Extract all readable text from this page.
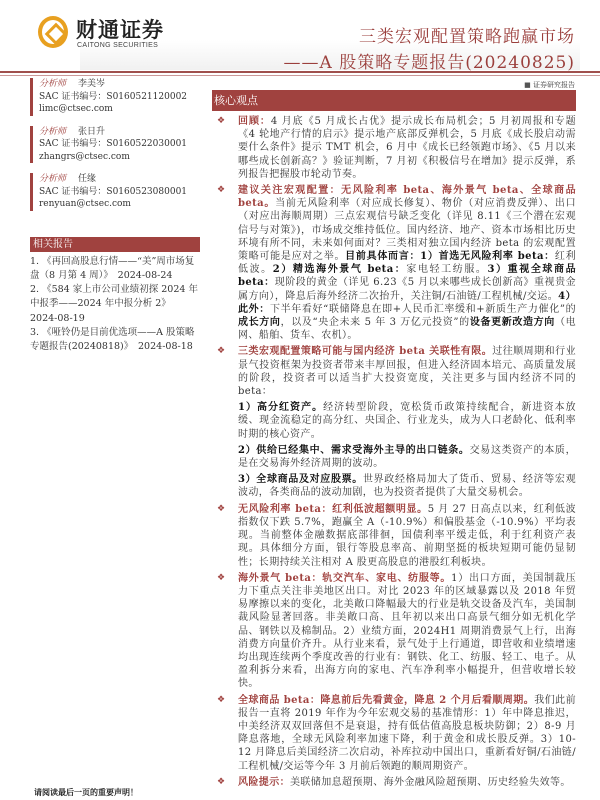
财通证券
CAITONG SECURITIES	三类宏观配置策略跑赢市场
——A 股策略专题报告(20240825)
■ 证券研究报告
分析师 李美岑
SAC 证书编号：S0160521120002
limc@ctsec.com
分析师 张日升
SAC 证书编号：S0160522030001
zhangrs@ctsec.com
分析师 任缘
SAC 证书编号：S0160523080001
renyuan@ctsec.com
相关报告
1. 《再回高股息行情——“美”周市场复盘（8 月第 4 周）》　2024-08-24
2. 《584 家上市公司业绩初探 2024 年中报季——2024 年中报分析 2》 2024-08-19
3. 《哑铃仍是目前优选项——A 股策略专题报告(20240818)》　2024-08-18
核心观点
❖ 回顾：4 月底《5 月成长占优》提示成长布局机会；5 月初周报和专题《4 轮地产行情的启示》提示地产底部反弹机会，5 月底《成长股启动需要什么条件》提示 TMT 机会，6 月中《成长已经领跑市场》、《5 月以来哪些成长创新高？》验证判断，7 月初《积极信号在增加》提示反弹，系列报告把握股市轮动节奏。
❖ 建议关注宏观配置：无风险利率 beta、海外景气 beta、全球商品 beta。当前无风险利率（对应成长修复）、物价（对应消费反弹）、出口（对应出海顺周期）三点宏观信号缺乏变化（详见 8.11《三个潜在宏观信号与对策》)，市场成交维持低位。国内经济、地产、资本市场相比历史环境有所不同，未来如何面对？三类相对独立国内经济 beta 的宏观配置策略可能是应对之举。目前具体而言：1）首选无风险利率 beta：红利低波。2）精选海外景气 beta：家电轻工纺服。3）重视全球商品 beta：现阶段的黄金（详见 6.23《5 月以来哪些成长创新高》重视贵金属方向），降息后海外经济二次抬升，关注铜/石油链/工程机械/交运。4）此外：下半年看好“联储降息在即+人民币汇率缓和+新质生产力催化”的成长方向，以及“央企未来 5 年 3 万亿元投资”的设备更新改造方向（电网、船舶、货车、农机）。
❖ 三类宏观配置策略可能与国内经济 beta 关联性有限。过往顺周期和行业景气投资框架为投资者带来丰厚回报，但进入经济固本培元、高质量发展的阶段，投资者可以适当扩大投资宽度，关注更多与国内经济不同的 beta：
1）高分红资产。经济转型阶段，宽松货币政策持续配合，新进资本放缓、现金流稳定的高分红、央国企、行业龙头，成为人口老龄化、低利率时期的核心资产。
2）供给已经集中、需求受海外主导的出口链条。交易这类资产的本质，是在交易海外经济周期的波动。
3）全球商品及对应股票。世界政经格局加大了货币、贸易、经济等宏观波动，各类商品的波动加剧，也为投资者提供了大量交易机会。
❖ 无风险利率 beta：红利低波超额明显。5 月 27 日高点以来，红利低波指数仅下跌 5.7%，跑赢全 A（-10.9%）和偏股基金（-10.9%）平均表现。当前整体金融数据底部徘徊，国债利率平缓走低，利于红利资产表现。具体细分方面，银行等股息率高、前期坚挺的板块短期可能仍显韧性；长期持续关注相对 A 股更高股息的港股红利板块。
❖ 海外景气 beta：轨交汽车、家电、纺服等。1）出口方面，美国制裁压力下重点关注非美地区出口。对比 2023 年的区域暴露以及 2018 年贸易摩擦以来的变化，北美敞口降幅最大的行业是轨交设备及汽车，美国制裁风险显著回落。非美敞口高、且年初以来出口高景气细分如无机化学品、钢铁以及棉制品。2）业绩方面，2024H1 周期消费景气上行，出海消费方向量价齐升。从行业来看，景气处于上行通道，即营收和业绩增速均出现连续两个季度改善的行业有：钢铁、化工、纺服、轻工、电子。从盈利拆分来看，出海方向的家电、汽车净利率小幅提升，但营收增长较快。
❖ 全球商品 beta：降息前后先看黄金，降息 2 个月后看顺周期。我们此前报告一直将 2019 年作为今年宏观交易的基准情形：1）年中降息推迟，中美经济双双回落但不是衰退，持有低估值高股息板块防御；2）8-9 月降息落地，全球无风险利率加速下降，利于黄金和成长股反弹。3）10-12 月降息后美国经济二次启动，补库拉动中国出口，重新看好铜/石油链/工程机械/交运等今年 3 月前后领跑的顺周期资产。
❖ 风险提示：美联储加息超预期、海外金融风险超预期、历史经验失效等。
请阅读最后一页的重要声明！
